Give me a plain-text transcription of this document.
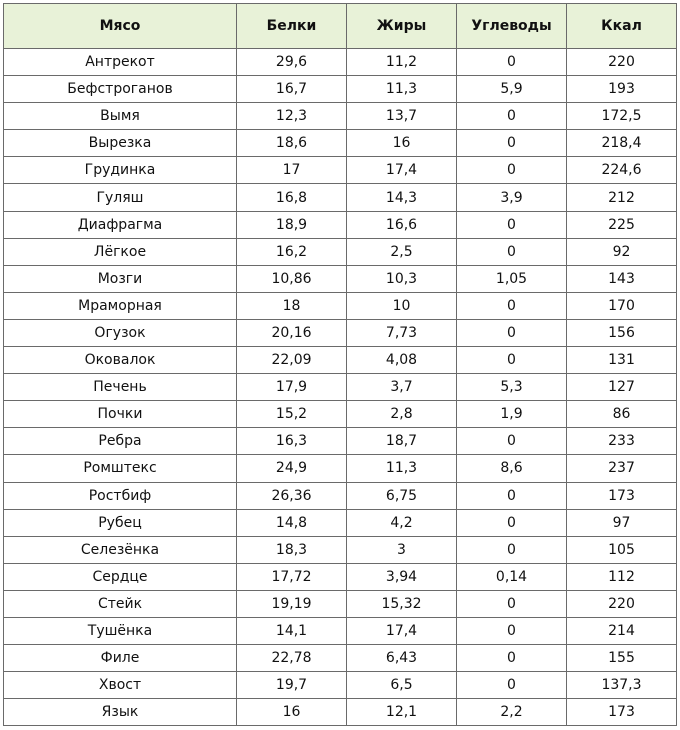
Мясо	Белки	Жиры	Углеводы	Ккал
Антрекот	29,6	11,2	0	220
Бефстроганов	16,7	11,3	5,9	193
Вымя	12,3	13,7	0	172,5
Вырезка	18,6	16	0	218,4
Грудинка	17	17,4	0	224,6
Гуляш	16,8	14,3	3,9	212
Диафрагма	18,9	16,6	0	225
Лёгкое	16,2	2,5	0	92
Мозги	10,86	10,3	1,05	143
Мраморная	18	10	0	170
Огузок	20,16	7,73	0	156
Оковалок	22,09	4,08	0	131
Печень	17,9	3,7	5,3	127
Почки	15,2	2,8	1,9	86
Ребра	16,3	18,7	0	233
Ромштекс	24,9	11,3	8,6	237
Ростбиф	26,36	6,75	0	173
Рубец	14,8	4,2	0	97
Селезёнка	18,3	3	0	105
Сердце	17,72	3,94	0,14	112
Стейк	19,19	15,32	0	220
Тушёнка	14,1	17,4	0	214
Филе	22,78	6,43	0	155
Хвост	19,7	6,5	0	137,3
Язык	16	12,1	2,2	173
